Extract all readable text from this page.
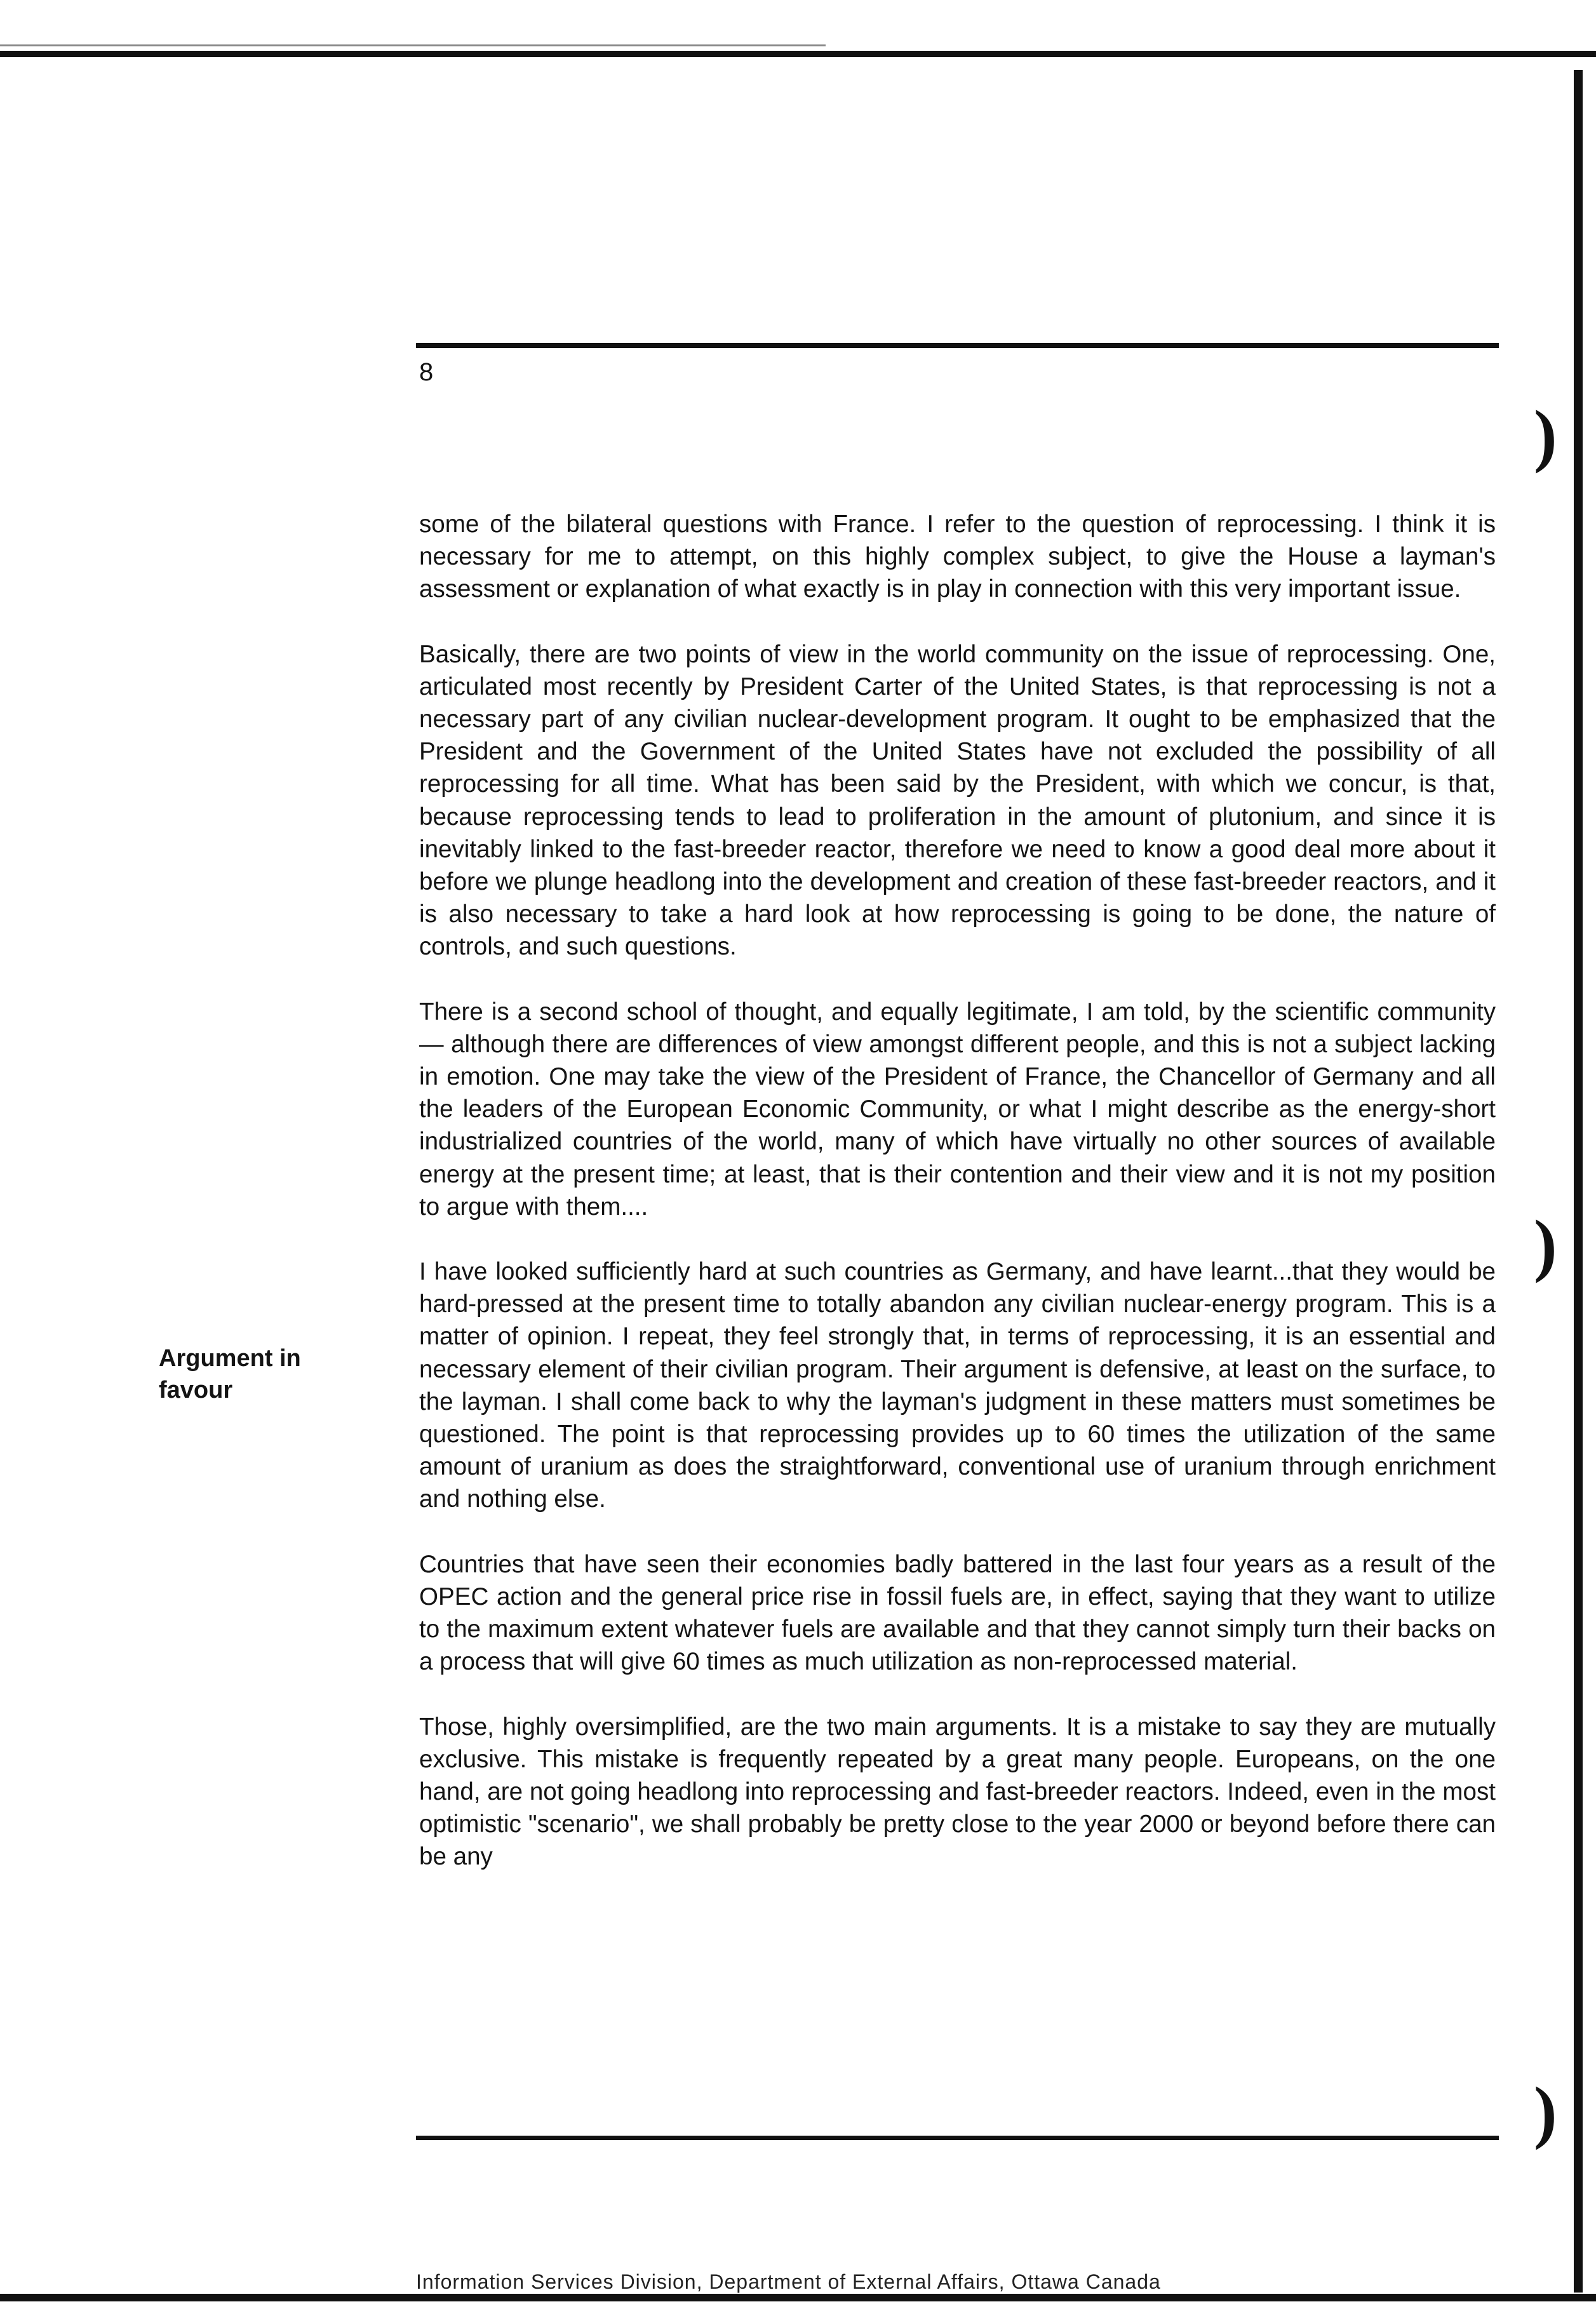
)
)
)

8

Argument in favour

some of the bilateral questions with France. I refer to the question of reprocessing. I think it is necessary for me to attempt, on this highly complex subject, to give the House a layman's assessment or explanation of what exactly is in play in connection with this very important issue.

Basically, there are two points of view in the world community on the issue of reprocessing. One, articulated most recently by President Carter of the United States, is that reprocessing is not a necessary part of any civilian nuclear-development program. It ought to be emphasized that the President and the Government of the United States have not excluded the possibility of all reprocessing for all time. What has been said by the President, with which we concur, is that, because reprocessing tends to lead to proliferation in the amount of plutonium, and since it is inevitably linked to the fast-breeder reactor, therefore we need to know a good deal more about it before we plunge headlong into the development and creation of these fast-breeder reactors, and it is also necessary to take a hard look at how reprocessing is going to be done, the nature of controls, and such questions.

There is a second school of thought, and equally legitimate, I am told, by the scientific community — although there are differences of view amongst different people, and this is not a subject lacking in emotion. One may take the view of the President of France, the Chancellor of Germany and all the leaders of the European Economic Community, or what I might describe as the energy-short industrialized countries of the world, many of which have virtually no other sources of available energy at the present time; at least, that is their contention and their view and it is not my position to argue with them....

I have looked sufficiently hard at such countries as Germany, and have learnt...that they would be hard-pressed at the present time to totally abandon any civilian nuclear-energy program. This is a matter of opinion. I repeat, they feel strongly that, in terms of reprocessing, it is an essential and necessary element of their civilian program. Their argument is defensive, at least on the surface, to the layman. I shall come back to why the layman's judgment in these matters must sometimes be questioned. The point is that reprocessing provides up to 60 times the utilization of the same amount of uranium as does the straightforward, conventional use of uranium through enrichment and nothing else.

Countries that have seen their economies badly battered in the last four years as a result of the OPEC action and the general price rise in fossil fuels are, in effect, saying that they want to utilize to the maximum extent whatever fuels are available and that they cannot simply turn their backs on a process that will give 60 times as much utilization as non-reprocessed material.

Those, highly oversimplified, are the two main arguments. It is a mistake to say they are mutually exclusive. This mistake is frequently repeated by a great many people. Europeans, on the one hand, are not going headlong into reprocessing and fast-breeder reactors. Indeed, even in the most optimistic "scenario", we shall probably be pretty close to the year 2000 or beyond before there can be any

Information Services Division, Department of External Affairs, Ottawa Canada
